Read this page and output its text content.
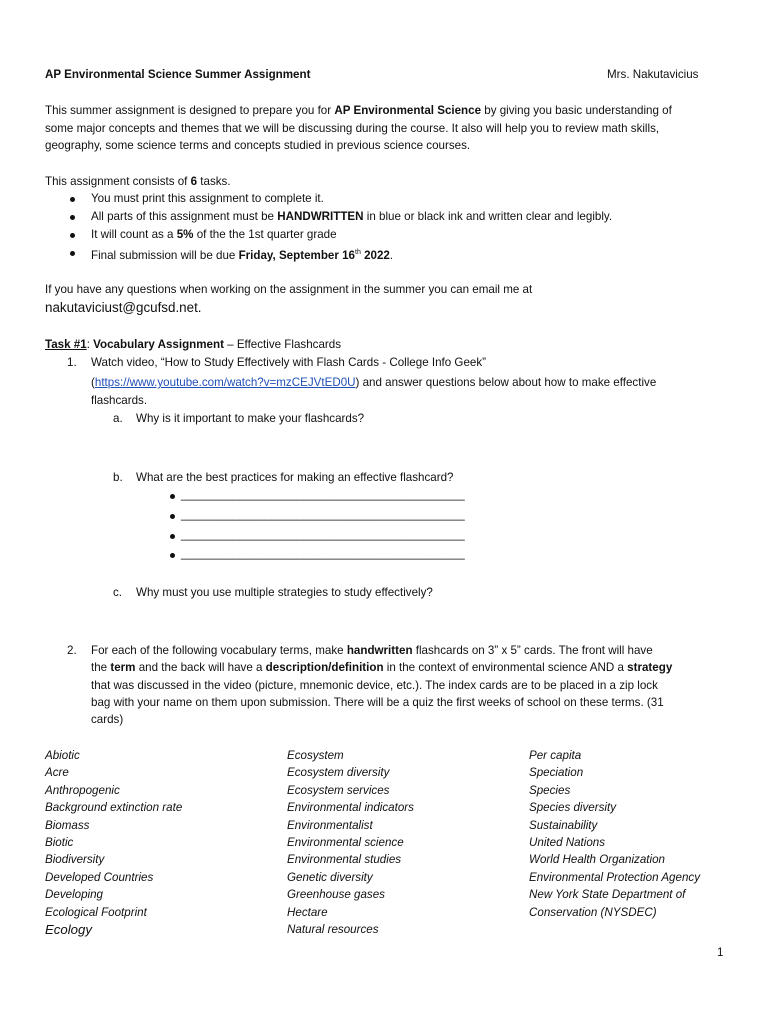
AP Environmental Science Summer Assignment	Mrs. Nakutavicius
This summer assignment is designed to prepare you for AP Environmental Science by giving you basic understanding of
some major concepts and themes that we will be discussing during the course. It also will help you to review math skills,
geography, some science terms and concepts studied in previous science courses.
This assignment consists of 6 tasks.
You must print this assignment to complete it.
All parts of this assignment must be HANDWRITTEN in blue or black ink and written clear and legibly.
It will count as a 5% of the the 1st quarter grade
Final submission will be due Friday, September 16th 2022.
If you have any questions when working on the assignment in the summer you can email me at
nakutaviciust@gcufsd.net.
Task #1: Vocabulary Assignment – Effective Flashcards
1. Watch video, “How to Study Effectively with Flash Cards - College Info Geek”
(https://www.youtube.com/watch?v=mzCEJVtED0U) and answer questions below about how to make effective
flashcards.
a. Why is it important to make your flashcards?
b. What are the best practices for making an effective flashcard?
____________________________________________
____________________________________________
____________________________________________
____________________________________________
c. Why must you use multiple strategies to study effectively?
2. For each of the following vocabulary terms, make handwritten flashcards on 3” x 5” cards. The front will have
the term and the back will have a description/definition in the context of environmental science AND a strategy
that was discussed in the video (picture, mnemonic device, etc.). The index cards are to be placed in a zip lock
bag with your name on them upon submission. There will be a quiz the first weeks of school on these terms. (31
cards)
Abiotic
Acre
Anthropogenic
Background extinction rate
Biomass
Biotic
Biodiversity
Developed Countries
Developing
Ecological Footprint
Ecology
Ecosystem
Ecosystem diversity
Ecosystem services
Environmental indicators
Environmentalist
Environmental science
Environmental studies
Genetic diversity
Greenhouse gases
Hectare
Natural resources
Per capita
Speciation
Species
Species diversity
Sustainability
United Nations
World Health Organization
Environmental Protection Agency
New York State Department of
Conservation (NYSDEC)
1
